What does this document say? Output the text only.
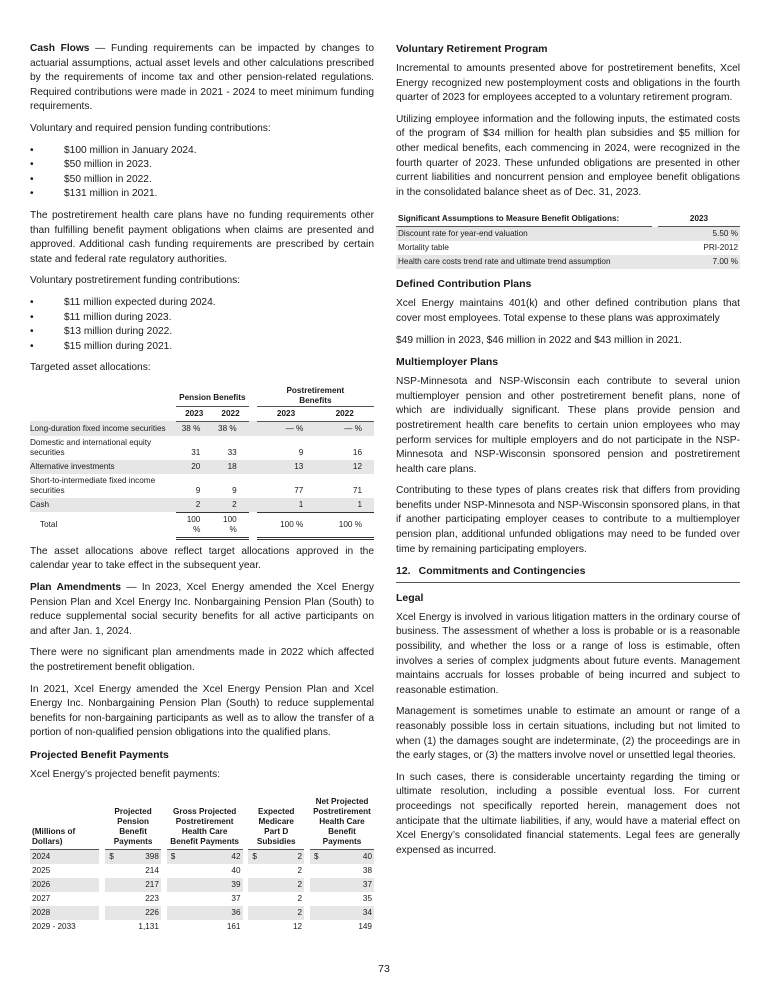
Cash Flows — Funding requirements can be impacted by changes to actuarial assumptions, actual asset levels and other calculations prescribed by the requirements of income tax and other pension-related regulations. Required contributions were made in 2021 - 2024 to meet minimum funding requirements.

Voluntary and required pension funding contributions:

• $100 million in January 2024.
• $50 million in 2023.
• $50 million in 2022.
• $131 million in 2021.

The postretirement health care plans have no funding requirements other than fulfilling benefit payment obligations when claims are presented and approved. Additional cash funding requirements are prescribed by certain state and federal rate regulatory authorities.

Voluntary postretirement funding contributions:

• $11 million expected during 2024.
• $11 million during 2023.
• $13 million during 2022.
• $15 million during 2021.

Targeted asset allocations:

	Pension Benefits			Postretirement Benefits	
	2023	2022		2023	2022
Long-duration fixed income securities	38 %	38 %		— %	— %
Domestic and international equity securities	31	33		9	16
Alternative investments	20	18		13	12
Short-to-intermediate fixed income securities	9	9		77	71
Cash	2	2		1	1
Total	100 %	100 %		100 %	100 %

The asset allocations above reflect target allocations approved in the calendar year to take effect in the subsequent year.

Plan Amendments — In 2023, Xcel Energy amended the Xcel Energy Pension Plan and Xcel Energy Inc. Nonbargaining Pension Plan (South) to reduce supplemental social security benefits for all active participants on and after Jan. 1, 2024.

There were no significant plan amendments made in 2022 which affected the postretirement benefit obligation.

In 2021, Xcel Energy amended the Xcel Energy Pension Plan and Xcel Energy Inc. Nonbargaining Pension Plan (South) to reduce supplemental benefits for non-bargaining participants as well as to allow the transfer of a portion of non-qualified pension obligations into the qualified plans.

Projected Benefit Payments

Xcel Energy’s projected benefit payments:

(Millions of Dollars)		Projected Pension Benefit Payments			Gross Projected Postretirement Health Care Benefit Payments			Expected Medicare Part D Subsidies			Net Projected Postretirement Health Care Benefit Payments	
2024		$	398		$	42		$	2		$	40
2025			214			40			2			38
2026			217			39			2			37
2027			223			37			2			35
2028			226			36			2			34
2029 - 2033			1,131			161			12			149
Voluntary Retirement Program

Incremental to amounts presented above for postretirement benefits, Xcel Energy recognized new postemployment costs and obligations in the fourth quarter of 2023 for employees accepted to a voluntary retirement program.

Utilizing employee information and the following inputs, the estimated costs of the program of $34 million for health plan subsidies and $5 million for other medical benefits, each commencing in 2024, were recognized in the fourth quarter of 2023. These unfunded obligations are presented in other current liabilities and noncurrent pension and employee benefit obligations in the consolidated balance sheet as of Dec. 31, 2023.

Significant Assumptions to Measure Benefit Obligations:		2023
Discount rate for year-end valuation		5.50 %
Mortality table		PRI-2012
Health care costs trend rate and ultimate trend assumption		7.00 %
Defined Contribution Plans

Xcel Energy maintains 401(k) and other defined contribution plans that cover most employees. Total expense to these plans was approximately

$49 million in 2023, $46 million in 2022 and $43 million in 2021.

Multiemployer Plans

NSP-Minnesota and NSP-Wisconsin each contribute to several union multiemployer pension and other postretirement benefit plans, none of which are individually significant. These plans provide pension and postretirement health care benefits to certain union employees who may perform services for multiple employers and do not participate in the NSP-Minnesota and NSP-Wisconsin sponsored pension and postretirement health care plans.

Contributing to these types of plans creates risk that differs from providing benefits under NSP-Minnesota and NSP-Wisconsin sponsored plans, in that if another participating employer ceases to contribute to a multiemployer pension plan, additional unfunded obligations may need to be funded over time by remaining participating employers.

12. Commitments and Contingencies
Legal

Xcel Energy is involved in various litigation matters in the ordinary course of business. The assessment of whether a loss is probable or is a reasonable possibility, and whether the loss or a range of loss is estimable, often involves a series of complex judgments about future events. Management maintains accruals for losses probable of being incurred and subject to reasonable estimation.

Management is sometimes unable to estimate an amount or range of a reasonably possible loss in certain situations, including but not limited to when (1) the damages sought are indeterminate, (2) the proceedings are in the early stages, or (3) the matters involve novel or unsettled legal theories.

In such cases, there is considerable uncertainty regarding the timing or ultimate resolution, including a possible eventual loss. For current proceedings not specifically reported herein, management does not anticipate that the ultimate liabilities, if any, would have a material effect on Xcel Energy’s consolidated financial statements. Legal fees are generally expensed as incurred.

73
